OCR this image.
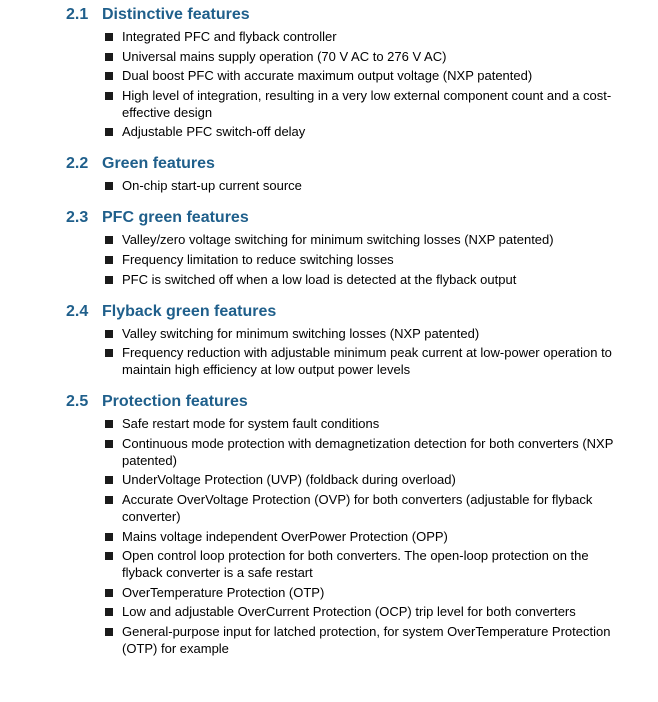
2.1 Distinctive features
Integrated PFC and flyback controller
Universal mains supply operation (70 V AC to 276 V AC)
Dual boost PFC with accurate maximum output voltage (NXP patented)
High level of integration, resulting in a very low external component count and a cost-effective design
Adjustable PFC switch-off delay
2.2 Green features
On-chip start-up current source
2.3 PFC green features
Valley/zero voltage switching for minimum switching losses (NXP patented)
Frequency limitation to reduce switching losses
PFC is switched off when a low load is detected at the flyback output
2.4 Flyback green features
Valley switching for minimum switching losses (NXP patented)
Frequency reduction with adjustable minimum peak current at low-power operation to maintain high efficiency at low output power levels
2.5 Protection features
Safe restart mode for system fault conditions
Continuous mode protection with demagnetization detection for both converters (NXP patented)
UnderVoltage Protection (UVP) (foldback during overload)
Accurate OverVoltage Protection (OVP) for both converters (adjustable for flyback converter)
Mains voltage independent OverPower Protection (OPP)
Open control loop protection for both converters. The open-loop protection on the flyback converter is a safe restart
OverTemperature Protection (OTP)
Low and adjustable OverCurrent Protection (OCP) trip level for both converters
General-purpose input for latched protection, for system OverTemperature Protection (OTP) for example
